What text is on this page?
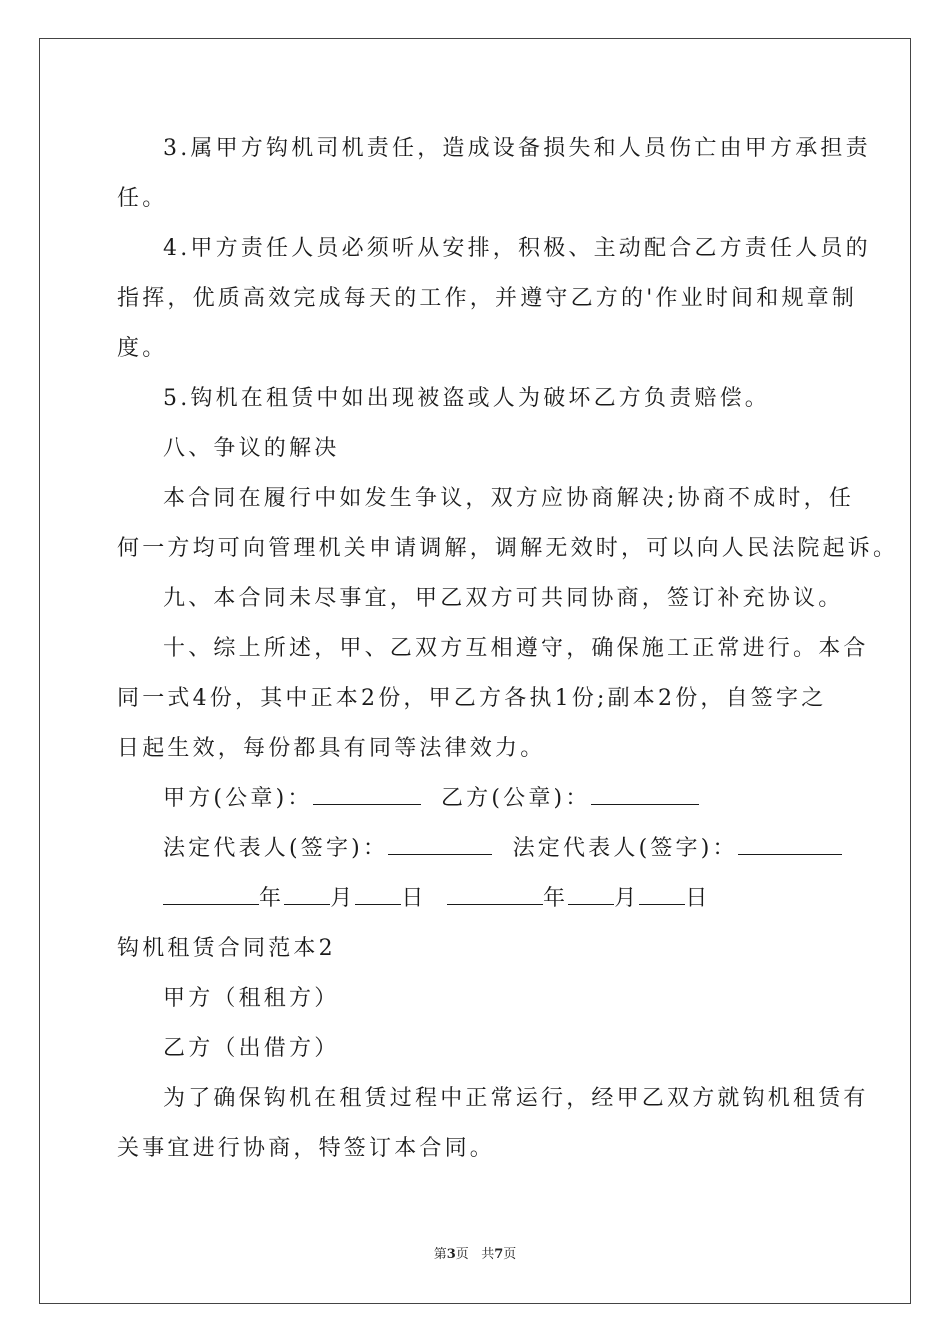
3.属甲方钩机司机责任，造成设备损失和人员伤亡由甲方承担责
任。
4.甲方责任人员必须听从安排，积极、主动配合乙方责任人员的
指挥，优质高效完成每天的工作，并遵守乙方的'作业时间和规章制
度。
5.钩机在租赁中如出现被盗或人为破坏乙方负责赔偿。
八、争议的解决
本合同在履行中如发生争议，双方应协商解决;协商不成时，任
何一方均可向管理机关申请调解，调解无效时，可以向人民法院起诉。
九、本合同未尽事宜，甲乙双方可共同协商，签订补充协议。
十、综上所述，甲、乙双方互相遵守，确保施工正常进行。本合
同一式4份，其中正本2份，甲乙方各执1份;副本2份，自签字之
日起生效，每份都具有同等法律效力。
甲方(公章)：	乙方(公章)：
法定代表人(签字)：	法定代表人(签字)：
年 月 日	年 月 日
钩机租赁合同范本2
甲方（租租方）
乙方（出借方）
为了确保钩机在租赁过程中正常运行，经甲乙双方就钩机租赁有
关事宜进行协商，特签订本合同。
第3页 共7页
